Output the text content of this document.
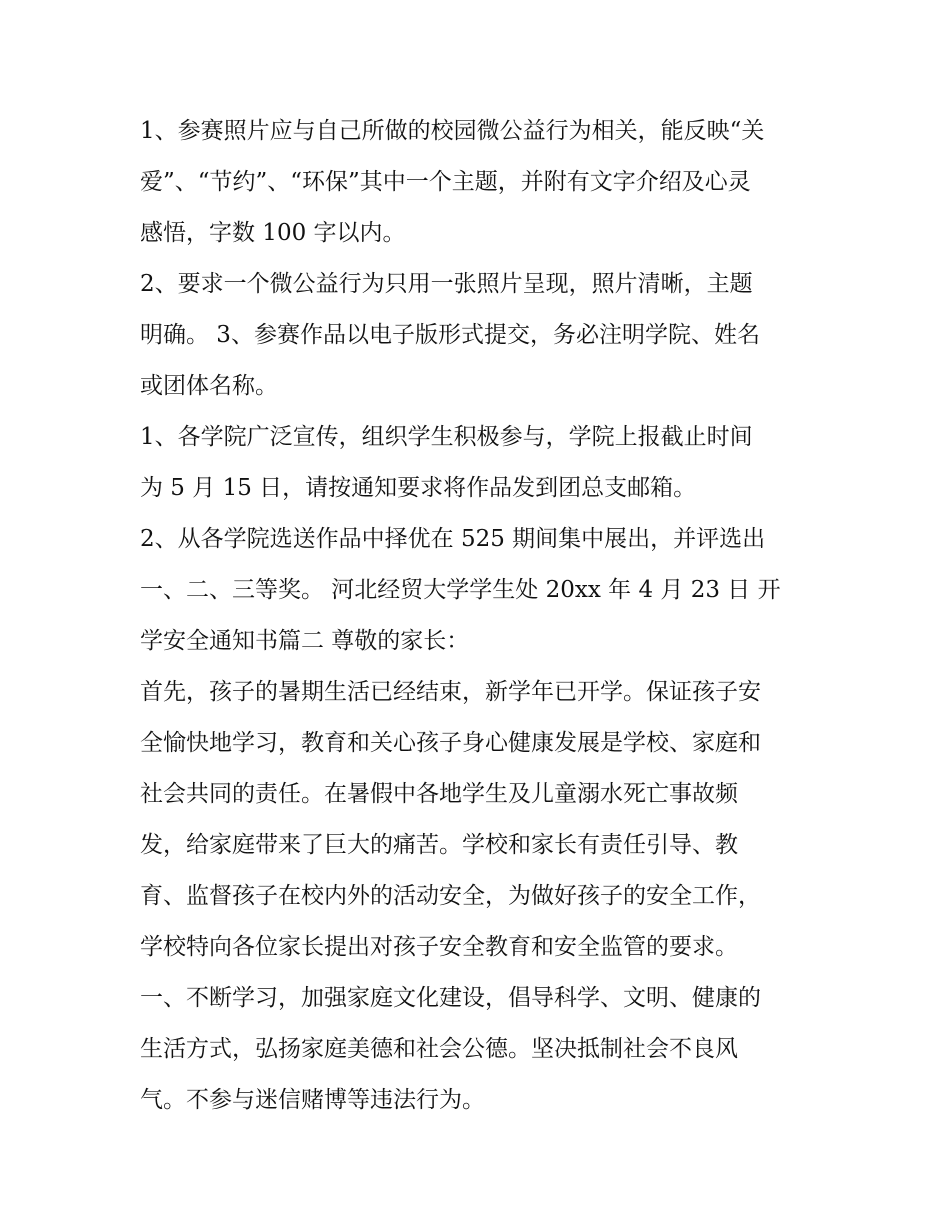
1、参赛照片应与自己所做的校园微公益行为相关，能反映“关
爱”、“节约”、“环保”其中一个主题，并附有文字介绍及心灵
感悟，字数 100 字以内。
2、要求一个微公益行为只用一张照片呈现，照片清晰，主题
明确。 3、参赛作品以电子版形式提交，务必注明学院、姓名
或团体名称。
1、各学院广泛宣传，组织学生积极参与，学院上报截止时间
为 5 月 15 日，请按通知要求将作品发到团总支邮箱。
2、从各学院选送作品中择优在 525 期间集中展出，并评选出
一、二、三等奖。 河北经贸大学学生处 20xx 年 4 月 23 日 开
学安全通知书篇二 尊敬的家长：
首先，孩子的暑期生活已经结束，新学年已开学。保证孩子安
全愉快地学习，教育和关心孩子身心健康发展是学校、家庭和
社会共同的责任。在暑假中各地学生及儿童溺水死亡事故频
发，给家庭带来了巨大的痛苦。学校和家长有责任引导、教
育、监督孩子在校内外的活动安全，为做好孩子的安全工作，
学校特向各位家长提出对孩子安全教育和安全监管的要求。
一、不断学习，加强家庭文化建设，倡导科学、文明、健康的
生活方式，弘扬家庭美德和社会公德。坚决抵制社会不良风
气。不参与迷信赌博等违法行为。
